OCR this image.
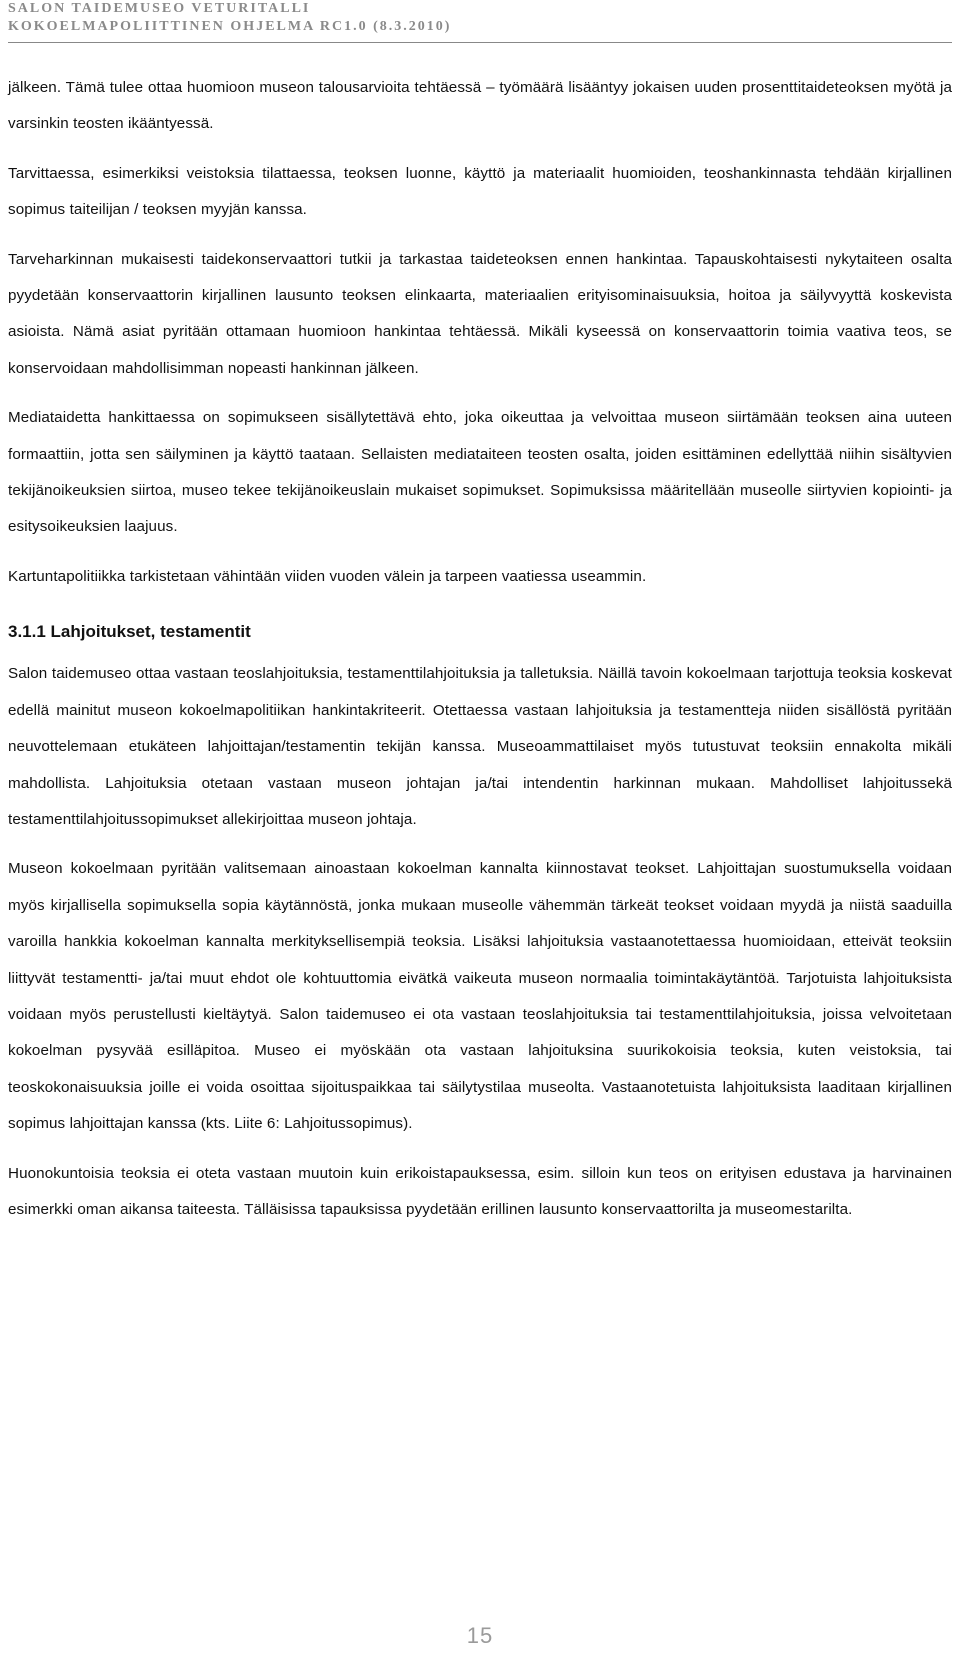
SALON TAIDEMUSEO VETURITALLI
KOKOELMAPOLIITTINEN OHJELMA RC1.0 (8.3.2010)

jälkeen. Tämä tulee ottaa huomioon museon talousarvioita tehtäessä – työmäärä lisääntyy jokaisen uuden prosenttitaideteoksen myötä ja varsinkin teosten ikääntyessä.

Tarvittaessa, esimerkiksi veistoksia tilattaessa, teoksen luonne, käyttö ja materiaalit huomioiden, teoshankinnasta tehdään kirjallinen sopimus taiteilijan / teoksen myyjän kanssa.

Tarveharkinnan mukaisesti taidekonservaattori tutkii ja tarkastaa taideteoksen ennen hankintaa. Tapauskohtaisesti nykytaiteen osalta pyydetään konservaattorin kirjallinen lausunto teoksen elinkaarta, materiaalien erityisominaisuuksia, hoitoa ja säilyvyyttä koskevista asioista. Nämä asiat pyritään ottamaan huomioon hankintaa tehtäessä. Mikäli kyseessä on konservaattorin toimia vaativa teos, se konservoidaan mahdollisimman nopeasti hankinnan jälkeen.

Mediataidetta hankittaessa on sopimukseen sisällytettävä ehto, joka oikeuttaa ja velvoittaa museon siirtämään teoksen aina uuteen formaattiin, jotta sen säilyminen ja käyttö taataan. Sellaisten mediataiteen teosten osalta, joiden esittäminen edellyttää niihin sisältyvien tekijänoikeuksien siirtoa, museo tekee tekijänoikeuslain mukaiset sopimukset. Sopimuksissa määritellään museolle siirtyvien kopiointi- ja esitysoikeuksien laajuus.

Kartuntapolitiikka tarkistetaan vähintään viiden vuoden välein ja tarpeen vaatiessa useammin.

3.1.1 Lahjoitukset, testamentit

Salon taidemuseo ottaa vastaan teoslahjoituksia, testamenttilahjoituksia ja talletuksia. Näillä tavoin kokoelmaan tarjottuja teoksia koskevat edellä mainitut museon kokoelmapolitiikan hankintakriteerit. Otettaessa vastaan lahjoituksia ja testamentteja niiden sisällöstä pyritään neuvottelemaan etukäteen lahjoittajan/testamentin tekijän kanssa. Museoammattilaiset myös tutustuvat teoksiin ennakolta mikäli mahdollista. Lahjoituksia otetaan vastaan museon johtajan ja/tai intendentin harkinnan mukaan. Mahdolliset lahjoitussekä testamenttilahjoitussopimukset allekirjoittaa museon johtaja.

Museon kokoelmaan pyritään valitsemaan ainoastaan kokoelman kannalta kiinnostavat teokset. Lahjoittajan suostumuksella voidaan myös kirjallisella sopimuksella sopia käytännöstä, jonka mukaan museolle vähemmän tärkeät teokset voidaan myydä ja niistä saaduilla varoilla hankkia kokoelman kannalta merkityksellisempiä teoksia. Lisäksi lahjoituksia vastaanotettaessa huomioidaan, etteivät teoksiin liittyvät testamentti- ja/tai muut ehdot ole kohtuuttomia eivätkä vaikeuta museon normaalia toimintakäytäntöä. Tarjotuista lahjoituksista voidaan myös perustellusti kieltäytyä. Salon taidemuseo ei ota vastaan teoslahjoituksia tai testamenttilahjoituksia, joissa velvoitetaan kokoelman pysyvää esilläpitoa. Museo ei myöskään ota vastaan lahjoituksina suurikokoisia teoksia, kuten veistoksia, tai teoskokonaisuuksia joille ei voida osoittaa sijoituspaikkaa tai säilytystilaa museolta. Vastaanotetuista lahjoituksista laaditaan kirjallinen sopimus lahjoittajan kanssa (kts. Liite 6: Lahjoitussopimus).

Huonokuntoisia teoksia ei oteta vastaan muutoin kuin erikoistapauksessa, esim. silloin kun teos on erityisen edustava ja harvinainen esimerkki oman aikansa taiteesta. Tälläisissa tapauksissa pyydetään erillinen lausunto konservaattorilta ja museomestarilta.

15
